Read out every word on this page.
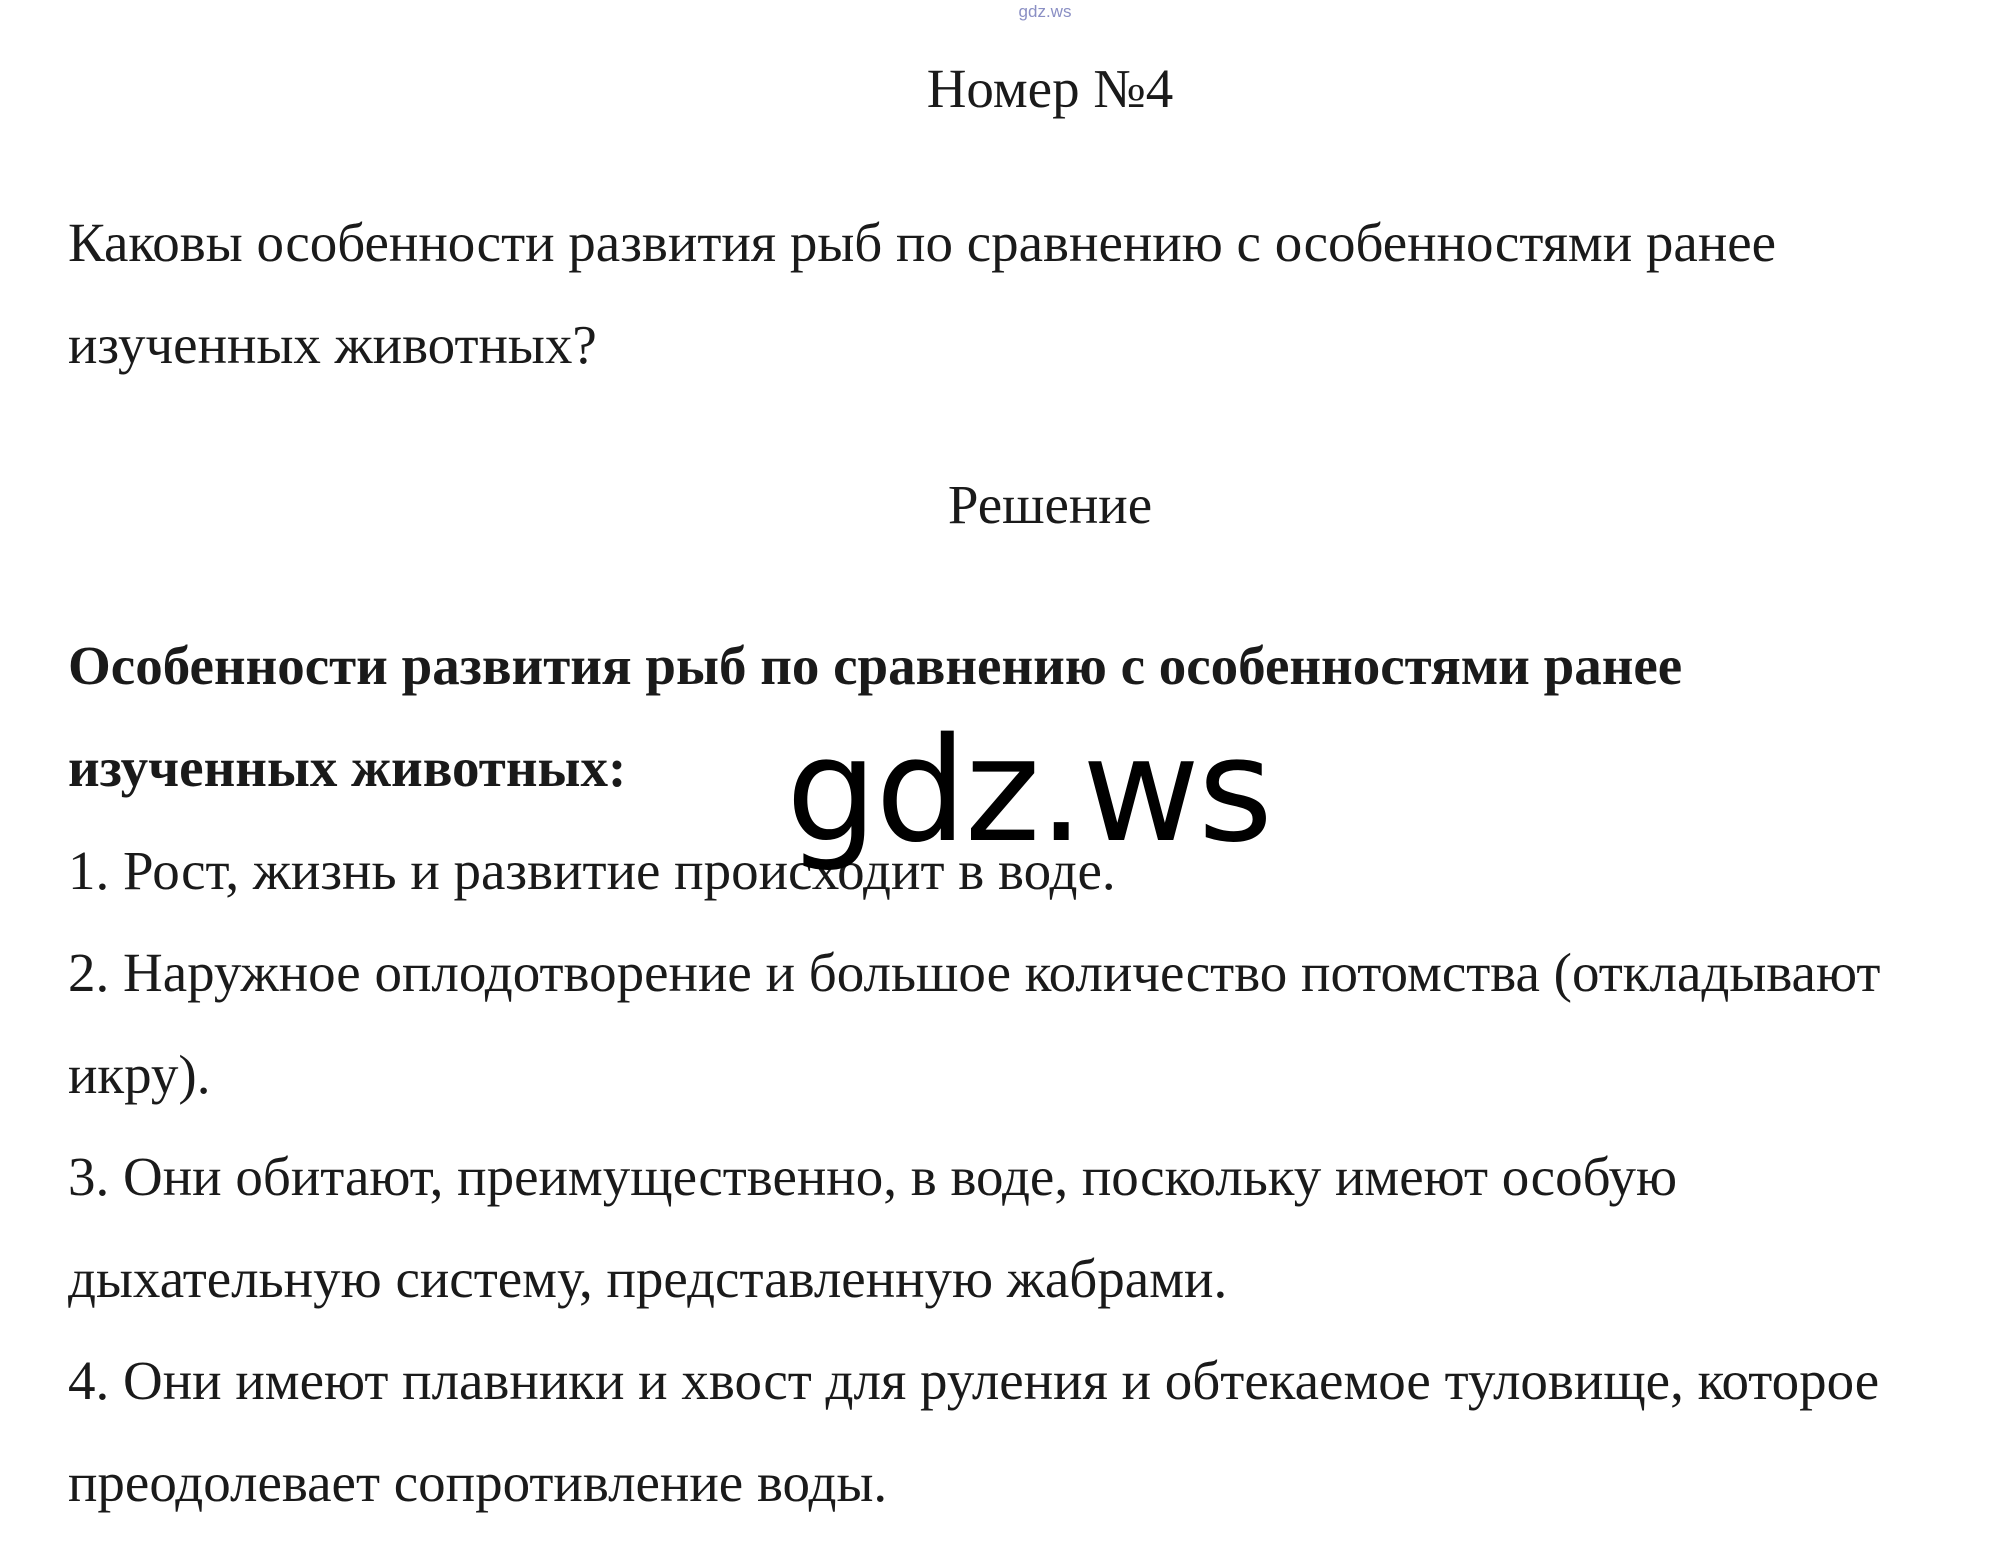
gdz.ws
Номер №4
Каковы особенности развития рыб по сравнению с особенностями ранее изученных животных?
Решение
Особенности развития рыб по сравнению с особенностями ранее изученных животных:
1. Рост, жизнь и развитие происходит в воде.
2. Наружное оплодотворение и большое количество потомства (откладывают икру).
3. Они обитают, преимущественно, в воде, поскольку имеют особую дыхательную систему, представленную жабрами.
4. Они имеют плавники и хвост для руления и обтекаемое туловище, которое преодолевает сопротивление воды.
gdz.ws
